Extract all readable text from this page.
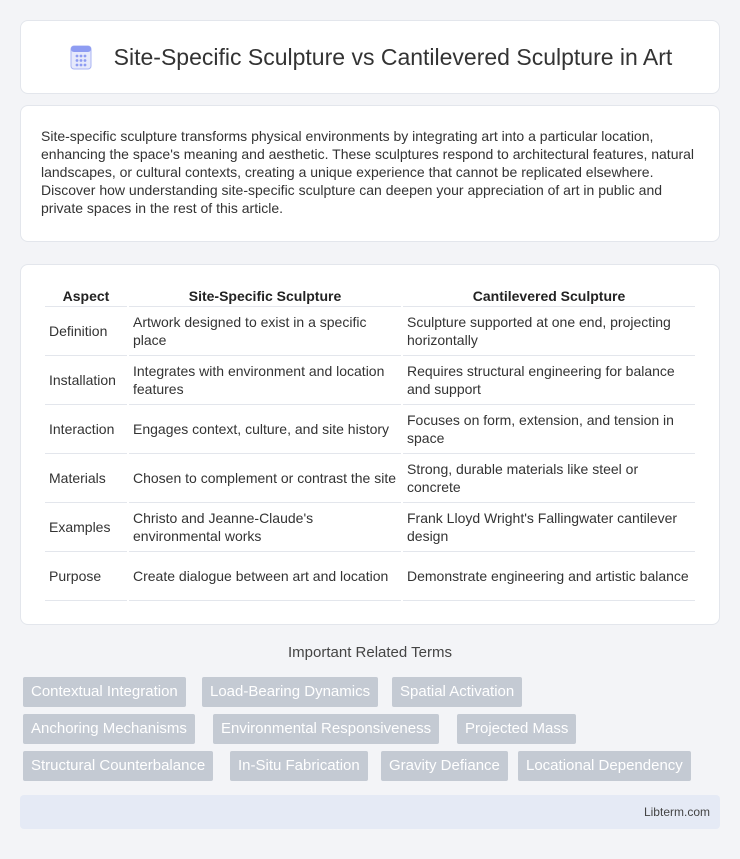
Site-Specific Sculpture vs Cantilevered Sculpture in Art

Site-specific sculpture transforms physical environments by integrating art into a particular location, enhancing the space's meaning and aesthetic. These sculptures respond to architectural features, natural landscapes, or cultural contexts, creating a unique experience that cannot be replicated elsewhere. Discover how understanding site-specific sculpture can deepen your appreciation of art in public and private spaces in the rest of this article.

Aspect	Site-Specific Sculpture	Cantilevered Sculpture
Definition	Artwork designed to exist in a specific place	Sculpture supported at one end, projecting horizontally
Installation	Integrates with environment and location features	Requires structural engineering for balance and support
Interaction	Engages context, culture, and site history	Focuses on form, extension, and tension in space
Materials	Chosen to complement or contrast the site	Strong, durable materials like steel or concrete
Examples	Christo and Jeanne-Claude's environmental works	Frank Lloyd Wright's Fallingwater cantilever design
Purpose	Create dialogue between art and location	Demonstrate engineering and artistic balance
Important Related Terms
Contextual Integration	Load-Bearing Dynamics	Spatial Activation
Anchoring Mechanisms	Environmental Responsiveness	Projected Mass
Structural Counterbalance	In-Situ Fabrication	Gravity Defiance	Locational Dependency
Libterm.com
